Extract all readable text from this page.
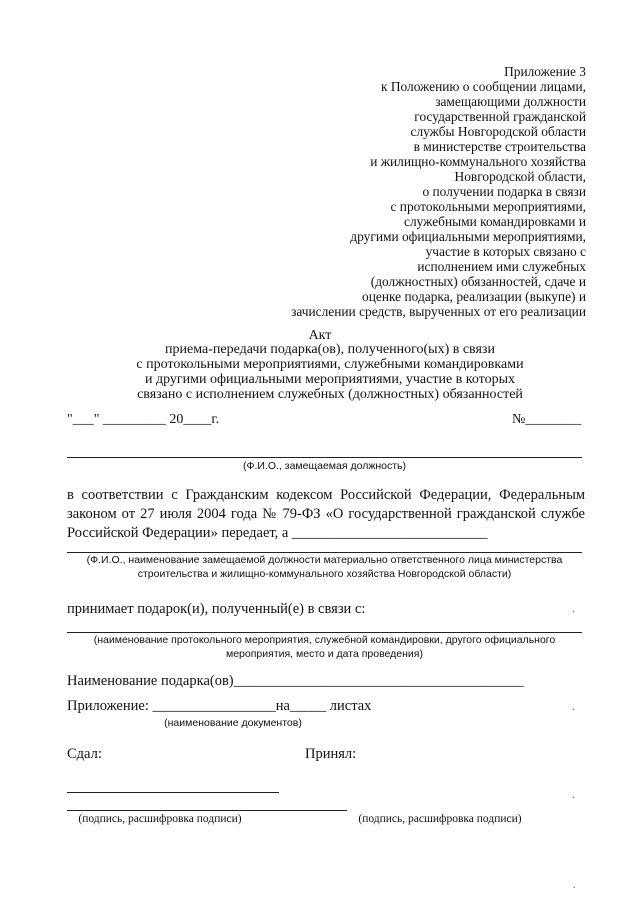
Приложение 3
к Положению о сообщении лицами,
замещающими должности
государственной гражданской
службы Новгородской области
в министерстве строительства
и жилищно-коммунального хозяйства
Новгородской области,
о получении подарка в связи
с протокольными мероприятиями,
служебными командировками и
другими официальными мероприятиями,
участие в которых связано с
исполнением ими служебных
(должностных) обязанностей, сдаче и
оценке подарка, реализации (выкупе) и
зачислении средств, вырученных от его реализации
Акт
приема-передачи подарка(ов), полученного(ых) в связи
с протокольными мероприятиями, служебными командировками
и другими официальными мероприятиями, участие в которых
связано с исполнением служебных (должностных) обязанностей
"___" _________ 20____г.	№________
(Ф.И.О., замещаемая должность)
в соответствии с Гражданским кодексом Российской Федерации, Федеральным законом от 27 июля 2004 года № 79-ФЗ «О государственной гражданской службе Российской Федерации» передает, а ___________________________
(Ф.И.О., наименование замещаемой должности материально ответственного лица министерства строительства и жилищно-коммунального хозяйства Новгородской области)
принимает подарок(и), полученный(е) в связи с:	.
(наименование протокольного мероприятия, служебной командировки, другого официального мероприятия, место и дата проведения)
Наименование подарка(ов)________________________________________
Приложение: _________________на_____ листах	.
(наименование документов)
Сдал:	Принял:
.
(подпись, расшифровка подписи)	(подпись, расшифровка подписи)
.
